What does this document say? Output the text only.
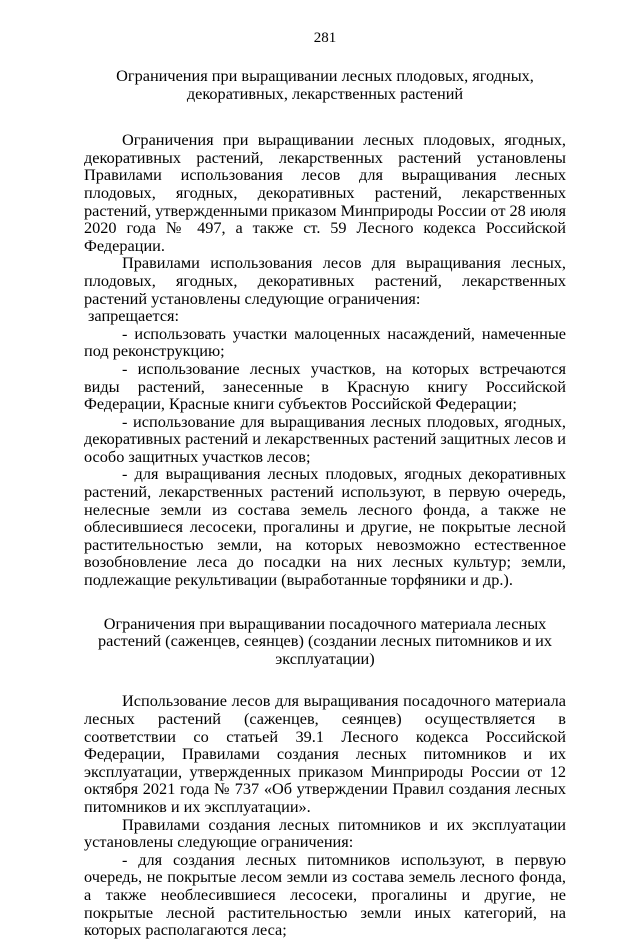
281
Ограничения при выращивании лесных плодовых, ягодных, декоративных, лекарственных растений

Ограничения при выращивании лесных плодовых, ягодных, декоративных растений, лекарственных растений установлены Правилами использования лесов для выращивания лесных плодовых, ягодных, декоративных растений, лекарственных растений, утвержденными приказом Минприроды России от 28 июля 2020 года № 497, а также ст. 59 Лесного кодекса Российской Федерации.

Правилами использования лесов для выращивания лесных, плодовых, ягодных, декоративных растений, лекарственных растений установлены следующие ограничения:

запрещается:

- использовать участки малоценных насаждений, намеченные под реконструкцию;

- использование лесных участков, на которых встречаются виды растений, занесенные в Красную книгу Российской Федерации, Красные книги субъектов Российской Федерации;

- использование для выращивания лесных плодовых, ягодных, декоративных растений и лекарственных растений защитных лесов и особо защитных участков лесов;

- для выращивания лесных плодовых, ягодных декоративных растений, лекарственных растений используют, в первую очередь, нелесные земли из состава земель лесного фонда, а также не облесившиеся лесосеки, прогалины и другие, не покрытые лесной растительностью земли, на которых невозможно естественное возобновление леса до посадки на них лесных культур; земли, подлежащие рекультивации (выработанные торфяники и др.).

Ограничения при выращивании посадочного материала лесных растений (саженцев, сеянцев) (создании лесных питомников и их эксплуатации)

Использование лесов для выращивания посадочного материала лесных растений (саженцев, сеянцев) осуществляется в соответствии со статьей 39.1 Лесного кодекса Российской Федерации, Правилами создания лесных питомников и их эксплуатации, утвержденных приказом Минприроды России от 12 октября 2021 года № 737 «Об утверждении Правил создания лесных питомников и их эксплуатации».

Правилами создания лесных питомников и их эксплуатации установлены следующие ограничения:

- для создания лесных питомников используют, в первую очередь, не покрытые лесом земли из состава земель лесного фонда, а также необлесившиеся лесосеки, прогалины и другие, не покрытые лесной растительностью земли иных категорий, на которых располагаются леса;
